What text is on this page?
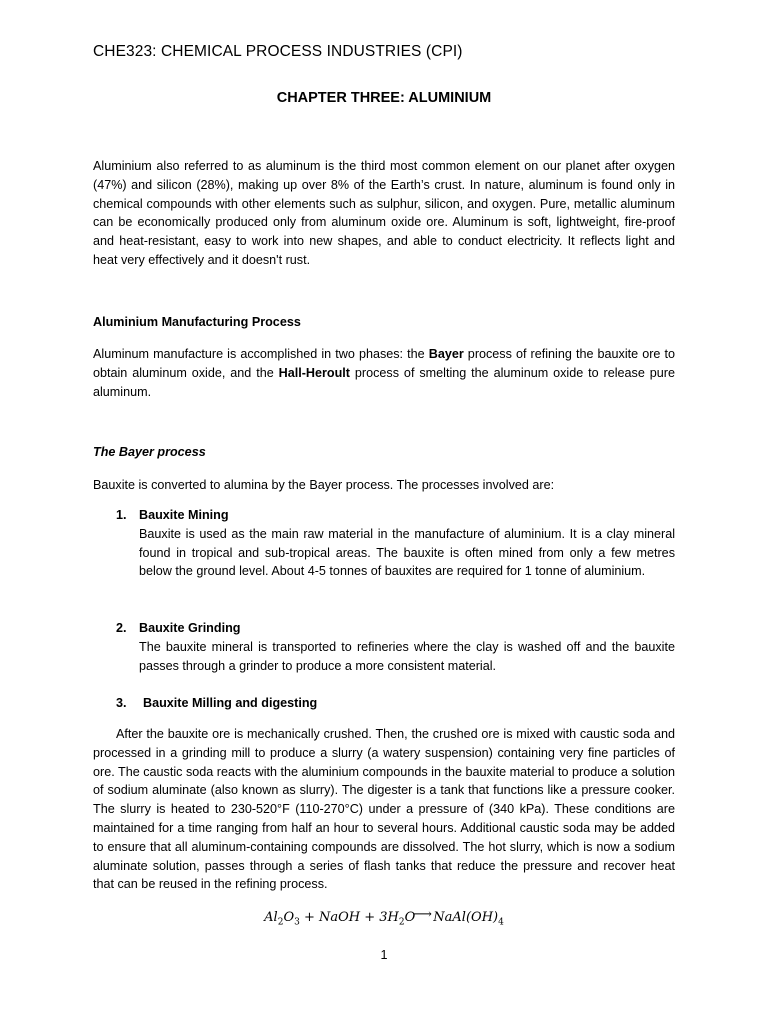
CHE323: CHEMICAL PROCESS INDUSTRIES (CPI)
CHAPTER THREE: ALUMINIUM

Aluminium also referred to as aluminum is the third most common element on our planet after oxygen (47%) and silicon (28%), making up over 8% of the Earth’s crust. In nature, aluminum is found only in chemical compounds with other elements such as sulphur, silicon, and oxygen. Pure, metallic aluminum can be economically produced only from aluminum oxide ore. Aluminum is soft, lightweight, fire-proof and heat-resistant, easy to work into new shapes, and able to conduct electricity. It reflects light and heat very effectively and it doesn't rust.

Aluminium Manufacturing Process

Aluminum manufacture is accomplished in two phases: the Bayer process of refining the bauxite ore to obtain aluminum oxide, and the Hall-Heroult process of smelting the aluminum oxide to release pure aluminum.

The Bayer process

Bauxite is converted to alumina by the Bayer process. The processes involved are:

1. Bauxite Mining

Bauxite is used as the main raw material in the manufacture of aluminium. It is a clay mineral found in tropical and sub-tropical areas. The bauxite is often mined from only a few metres below the ground level. About 4-5 tonnes of bauxites are required for 1 tonne of aluminium.

2. Bauxite Grinding

The bauxite mineral is transported to refineries where the clay is washed off and the bauxite passes through a grinder to produce a more consistent material.

3. Bauxite Milling and digesting

After the bauxite ore is mechanically crushed. Then, the crushed ore is mixed with caustic soda and processed in a grinding mill to produce a slurry (a watery suspension) containing very fine particles of ore. The caustic soda reacts with the aluminium compounds in the bauxite material to produce a solution of sodium aluminate (also known as slurry). The digester is a tank that functions like a pressure cooker. The slurry is heated to 230-520°F (110-270°C) under a pressure of (340 kPa). These conditions are maintained for a time ranging from half an hour to several hours. Additional caustic soda may be added to ensure that all aluminum-containing compounds are dissolved. The hot slurry, which is now a sodium aluminate solution, passes through a series of flash tanks that reduce the pressure and recover heat that can be reused in the refining process.

$Al_2O_3$ + NaOH + $3H_2O$ $NaAl(OH)_4$
1
